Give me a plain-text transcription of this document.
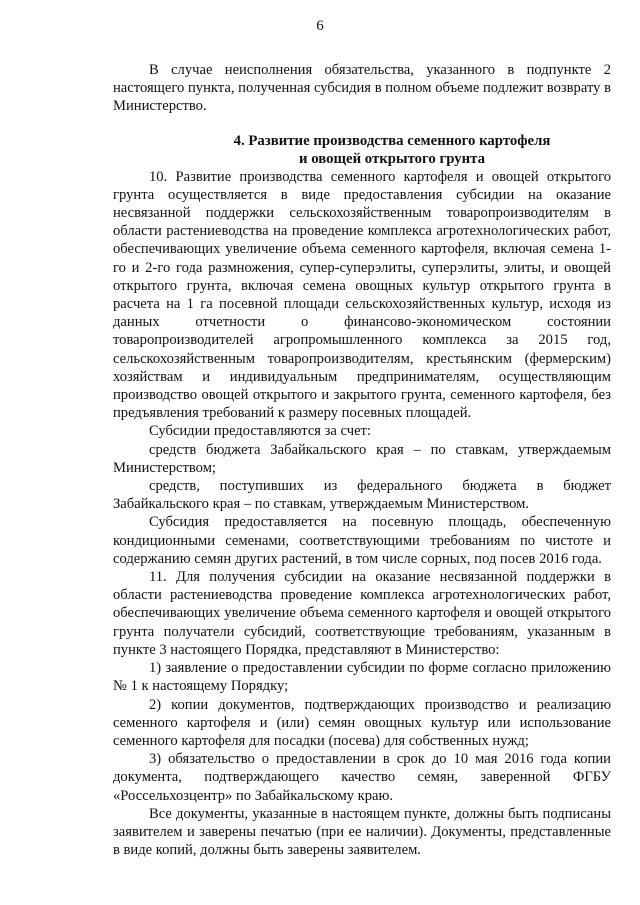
6

В случае неисполнения обязательства, указанного в подпункте 2 настоящего пункта, полученная субсидия в полном объеме подлежит возврату в Министерство.

4. Развитие производства семенного картофеля
и овощей открытого грунта

10. Развитие производства семенного картофеля и овощей открытого грунта осуществляется в виде предоставления субсидии на оказание несвязанной поддержки сельскохозяйственным товаропроизводителям в области растениеводства на проведение комплекса агротехнологических работ, обеспечивающих увеличение объема семенного картофеля, включая семена 1-го и 2-го года размножения, супер-суперэлиты, суперэлиты, элиты, и овощей открытого грунта, включая семена овощных культур открытого грунта в расчета на 1 га посевной площади сельскохозяйственных культур, исходя из данных отчетности о финансово-экономическом состоянии товаропроизводителей агропромышленного комплекса за 2015 год, сельскохозяйственным товаропроизводителям, крестьянским (фермерским) хозяйствам и индивидуальным предпринимателям, осуществляющим производство овощей открытого и закрытого грунта, семенного картофеля, без предъявления требований к размеру посевных площадей.

Субсидии предоставляются за счет:

средств бюджета Забайкальского края – по ставкам, утверждаемым Министерством;

средств, поступивших из федерального бюджета в бюджет Забайкальского края – по ставкам, утверждаемым Министерством.

Субсидия предоставляется на посевную площадь, обеспеченную кондиционными семенами, соответствующими требованиям по чистоте и содержанию семян других растений, в том числе сорных, под посев 2016 года.

11. Для получения субсидии на оказание несвязанной поддержки в области растениеводства проведение комплекса агротехнологических работ, обеспечивающих увеличение объема семенного картофеля и овощей открытого грунта получатели субсидий, соответствующие требованиям, указанным в пункте 3 настоящего Порядка, представляют в Министерство:

1) заявление о предоставлении субсидии по форме согласно приложению № 1 к настоящему Порядку;

2) копии документов, подтверждающих производство и реализацию семенного картофеля и (или) семян овощных культур или использование семенного картофеля для посадки (посева) для собственных нужд;

3) обязательство о предоставлении в срок до 10 мая 2016 года копии документа, подтверждающего качество семян, заверенной ФГБУ «Россельхозцентр» по Забайкальскому краю.

Все документы, указанные в настоящем пункте, должны быть подписаны заявителем и заверены печатью (при ее наличии). Документы, представленные в виде копий, должны быть заверены заявителем.
